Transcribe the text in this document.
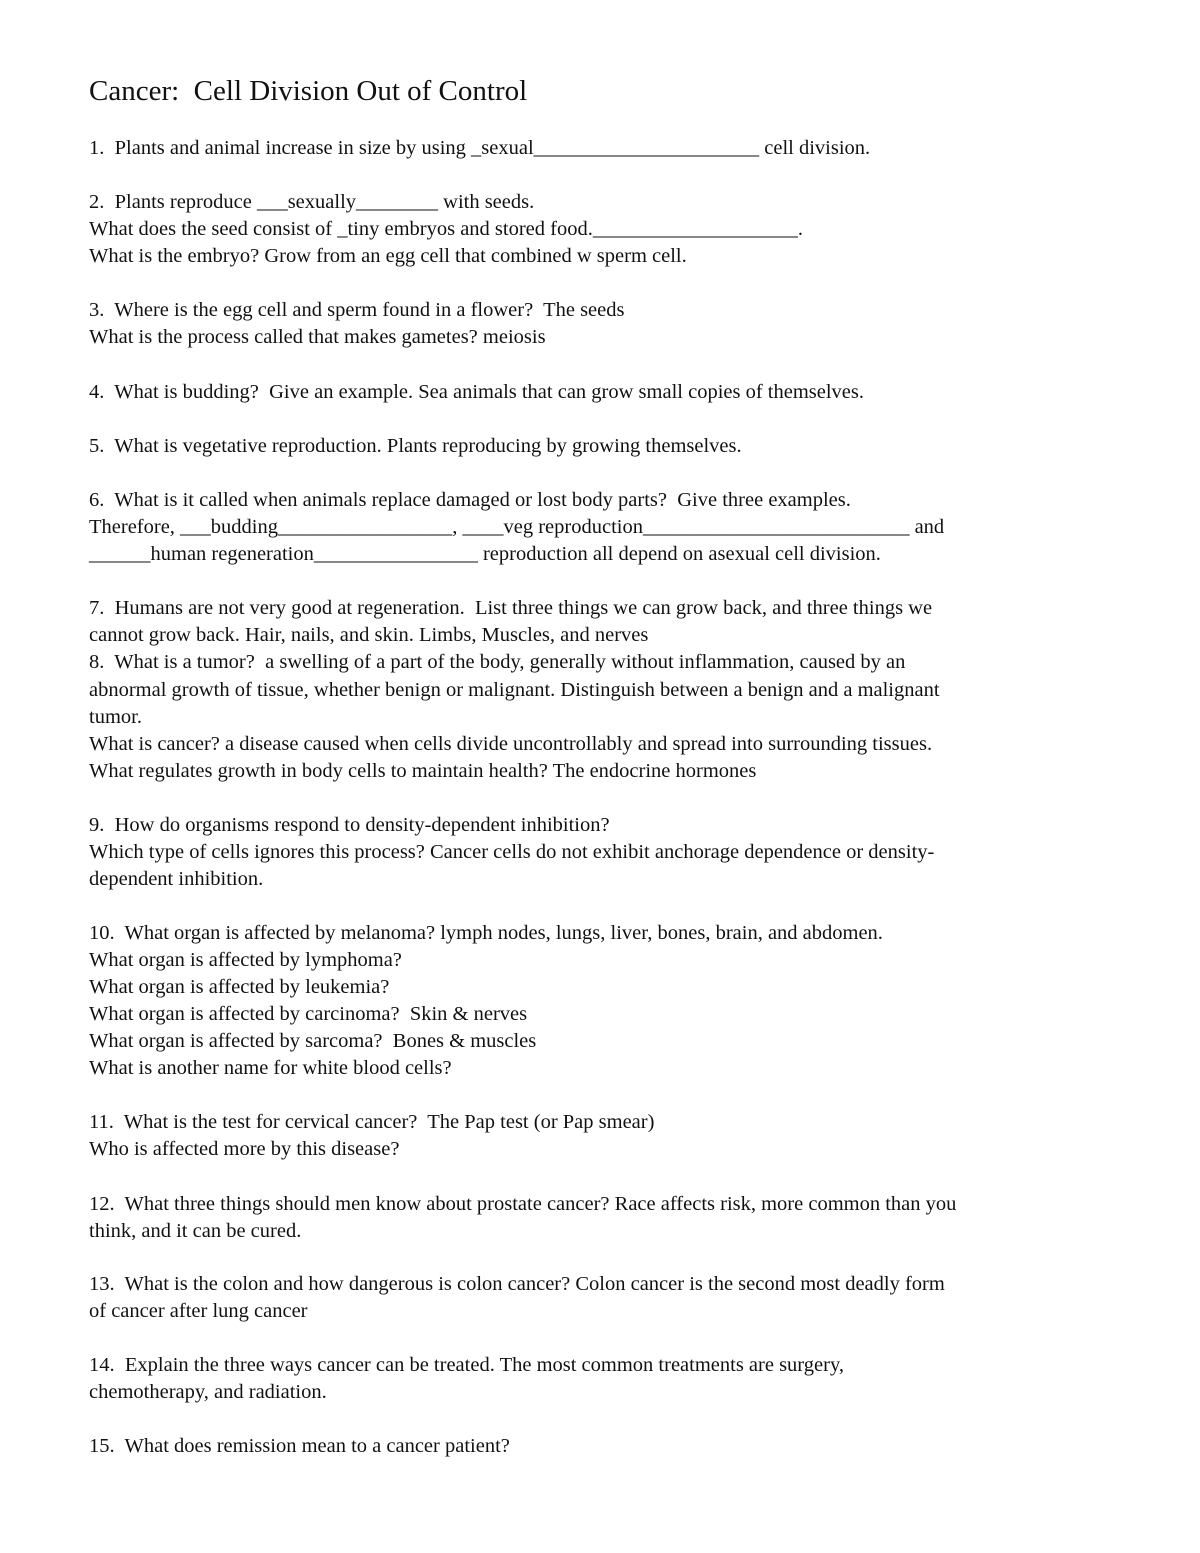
Cancer:  Cell Division Out of Control
1.  Plants and animal increase in size by using _sexual______________________ cell division.
2.  Plants reproduce ___sexually________ with seeds.
What does the seed consist of _tiny embryos and stored food.____________________.
What is the embryo? Grow from an egg cell that combined w sperm cell.
3.  Where is the egg cell and sperm found in a flower?  The seeds
What is the process called that makes gametes? meiosis
4.  What is budding?  Give an example. Sea animals that can grow small copies of themselves.
5.  What is vegetative reproduction. Plants reproducing by growing themselves.
6.  What is it called when animals replace damaged or lost body parts?  Give three examples.
Therefore, ___budding_________________, ____veg reproduction__________________________ and
______human regeneration________________ reproduction all depend on asexual cell division.
7.  Humans are not very good at regeneration.  List three things we can grow back, and three things we
cannot grow back. Hair, nails, and skin. Limbs, Muscles, and nerves
8.  What is a tumor?  a swelling of a part of the body, generally without inflammation, caused by an
abnormal growth of tissue, whether benign or malignant. Distinguish between a benign and a malignant
tumor.
What is cancer? a disease caused when cells divide uncontrollably and spread into surrounding tissues.
What regulates growth in body cells to maintain health? The endocrine hormones
9.  How do organisms respond to density-dependent inhibition?
Which type of cells ignores this process? Cancer cells do not exhibit anchorage dependence or density-
dependent inhibition.
10.  What organ is affected by melanoma? lymph nodes, lungs, liver, bones, brain, and abdomen.
What organ is affected by lymphoma?
What organ is affected by leukemia?
What organ is affected by carcinoma?  Skin & nerves
What organ is affected by sarcoma?  Bones & muscles
What is another name for white blood cells?
11.  What is the test for cervical cancer?  The Pap test (or Pap smear)
Who is affected more by this disease?
12.  What three things should men know about prostate cancer? Race affects risk, more common than you
think, and it can be cured.
13.  What is the colon and how dangerous is colon cancer? Colon cancer is the second most deadly form
of cancer after lung cancer
14.  Explain the three ways cancer can be treated. The most common treatments are surgery,
chemotherapy, and radiation.
15.  What does remission mean to a cancer patient?
